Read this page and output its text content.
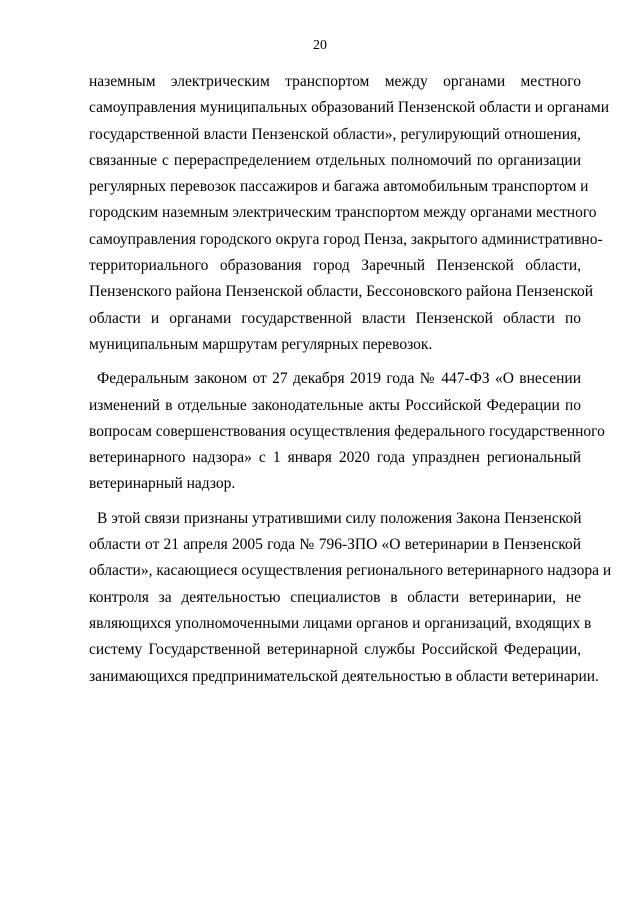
20
наземным электрическим транспортом между органами местного
самоуправления муниципальных образований Пензенской области и органами
государственной власти Пензенской области», регулирующий отношения,
связанные с перераспределением отдельных полномочий по организации
регулярных перевозок пассажиров и багажа автомобильным транспортом и
городским наземным электрическим транспортом между органами местного
самоуправления городского округа город Пенза, закрытого административно-
территориального образования город Заречный Пензенской области,
Пензенского района Пензенской области, Бессоновского района Пензенской
области и органами государственной власти Пензенской области по
муниципальным маршрутам регулярных перевозок.
Федеральным законом от 27 декабря 2019 года № 447-ФЗ «О внесении
изменений в отдельные законодательные акты Российской Федерации по
вопросам совершенствования осуществления федерального государственного
ветеринарного надзора» с 1 января 2020 года упразднен региональный
ветеринарный надзор.
В этой связи признаны утратившими силу положения Закона Пензенской
области от 21 апреля 2005 года № 796-ЗПО «О ветеринарии в Пензенской
области», касающиеся осуществления регионального ветеринарного надзора и
контроля за деятельностью специалистов в области ветеринарии, не
являющихся уполномоченными лицами органов и организаций, входящих в
систему Государственной ветеринарной службы Российской Федерации,
занимающихся предпринимательской деятельностью в области ветеринарии.
